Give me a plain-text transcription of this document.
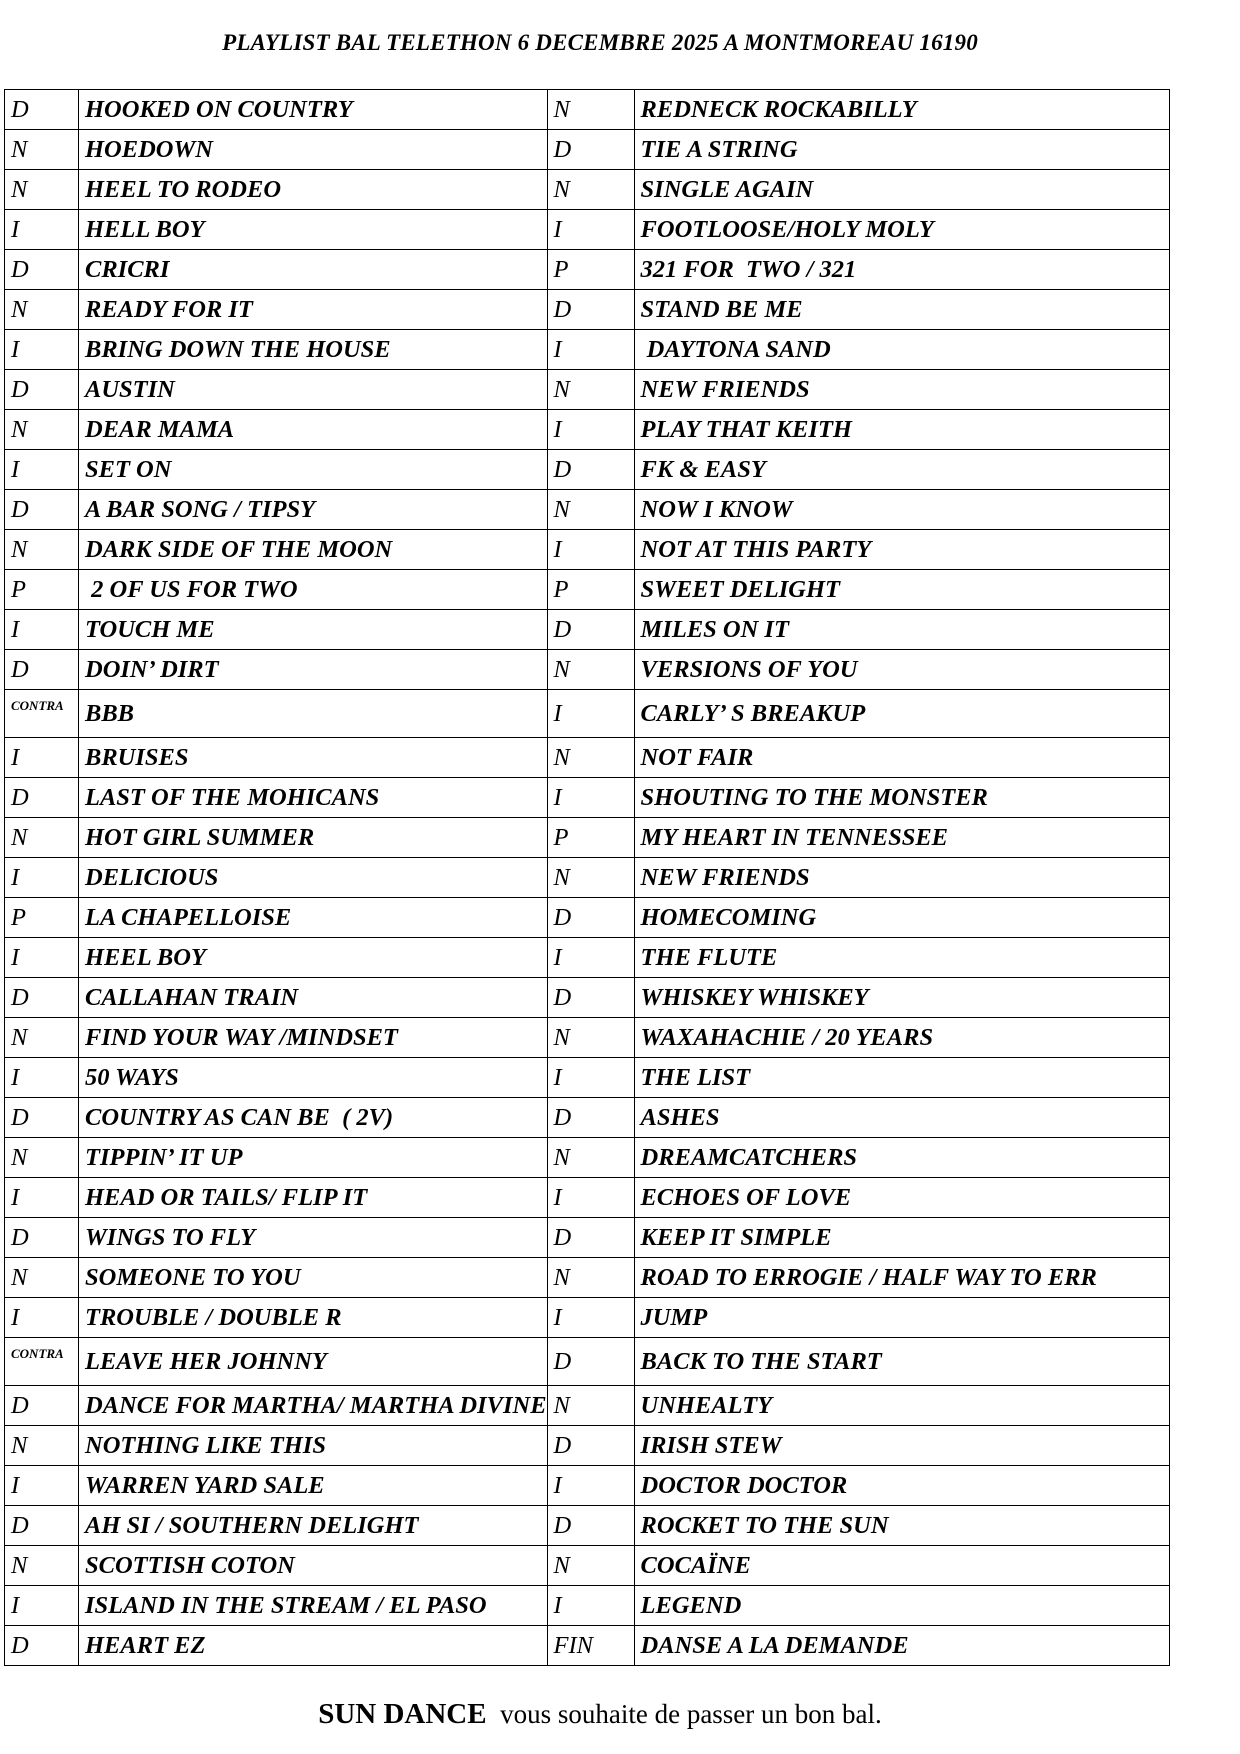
PLAYLIST BAL TELETHON 6 DECEMBRE 2025 A MONTMOREAU 16190
D	HOOKED ON COUNTRY	N	REDNECK ROCKABILLY
N	HOEDOWN	D	TIE A STRING
N	HEEL TO RODEO	N	SINGLE AGAIN
I	HELL BOY	I	FOOTLOOSE/HOLY MOLY
D	CRICRI	P	321 FOR  TWO / 321
N	READY FOR IT	D	STAND BE ME
I	BRING DOWN THE HOUSE	I	DAYTONA SAND
D	AUSTIN	N	NEW FRIENDS
N	DEAR MAMA	I	PLAY THAT KEITH
I	SET ON	D	FK & EASY
D	A BAR SONG / TIPSY	N	NOW I KNOW
N	DARK SIDE OF THE MOON	I	NOT AT THIS PARTY
P	2 OF US FOR TWO	P	SWEET DELIGHT
I	TOUCH ME	D	MILES ON IT
D	DOIN’ DIRT	N	VERSIONS OF YOU
CONTRA	BBB	I	CARLY’ S BREAKUP
I	BRUISES	N	NOT FAIR
D	LAST OF THE MOHICANS	I	SHOUTING TO THE MONSTER
N	HOT GIRL SUMMER	P	MY HEART IN TENNESSEE
I	DELICIOUS	N	NEW FRIENDS
P	LA CHAPELLOISE	D	HOMECOMING
I	HEEL BOY	I	THE FLUTE
D	CALLAHAN TRAIN	D	WHISKEY WHISKEY
N	FIND YOUR WAY /MINDSET	N	WAXAHACHIE / 20 YEARS
I	50 WAYS	I	THE LIST
D	COUNTRY AS CAN BE  ( 2V)	D	ASHES
N	TIPPIN’ IT UP	N	DREAMCATCHERS
I	HEAD OR TAILS/ FLIP IT	I	ECHOES OF LOVE
D	WINGS TO FLY	D	KEEP IT SIMPLE
N	SOMEONE TO YOU	N	ROAD TO ERROGIE / HALF WAY TO ERR
I	TROUBLE / DOUBLE R	I	JUMP
CONTRA	LEAVE HER JOHNNY	D	BACK TO THE START
D	DANCE FOR MARTHA/ MARTHA DIVINE	N	UNHEALTY
N	NOTHING LIKE THIS	D	IRISH STEW
I	WARREN YARD SALE	I	DOCTOR DOCTOR
D	AH SI / SOUTHERN DELIGHT	D	ROCKET TO THE SUN
N	SCOTTISH COTON	N	COCAÏNE
I	ISLAND IN THE STREAM / EL PASO	I	LEGEND
D	HEART EZ	FIN	DANSE A LA DEMANDE
SUN DANCE  vous souhaite de passer un bon bal.
